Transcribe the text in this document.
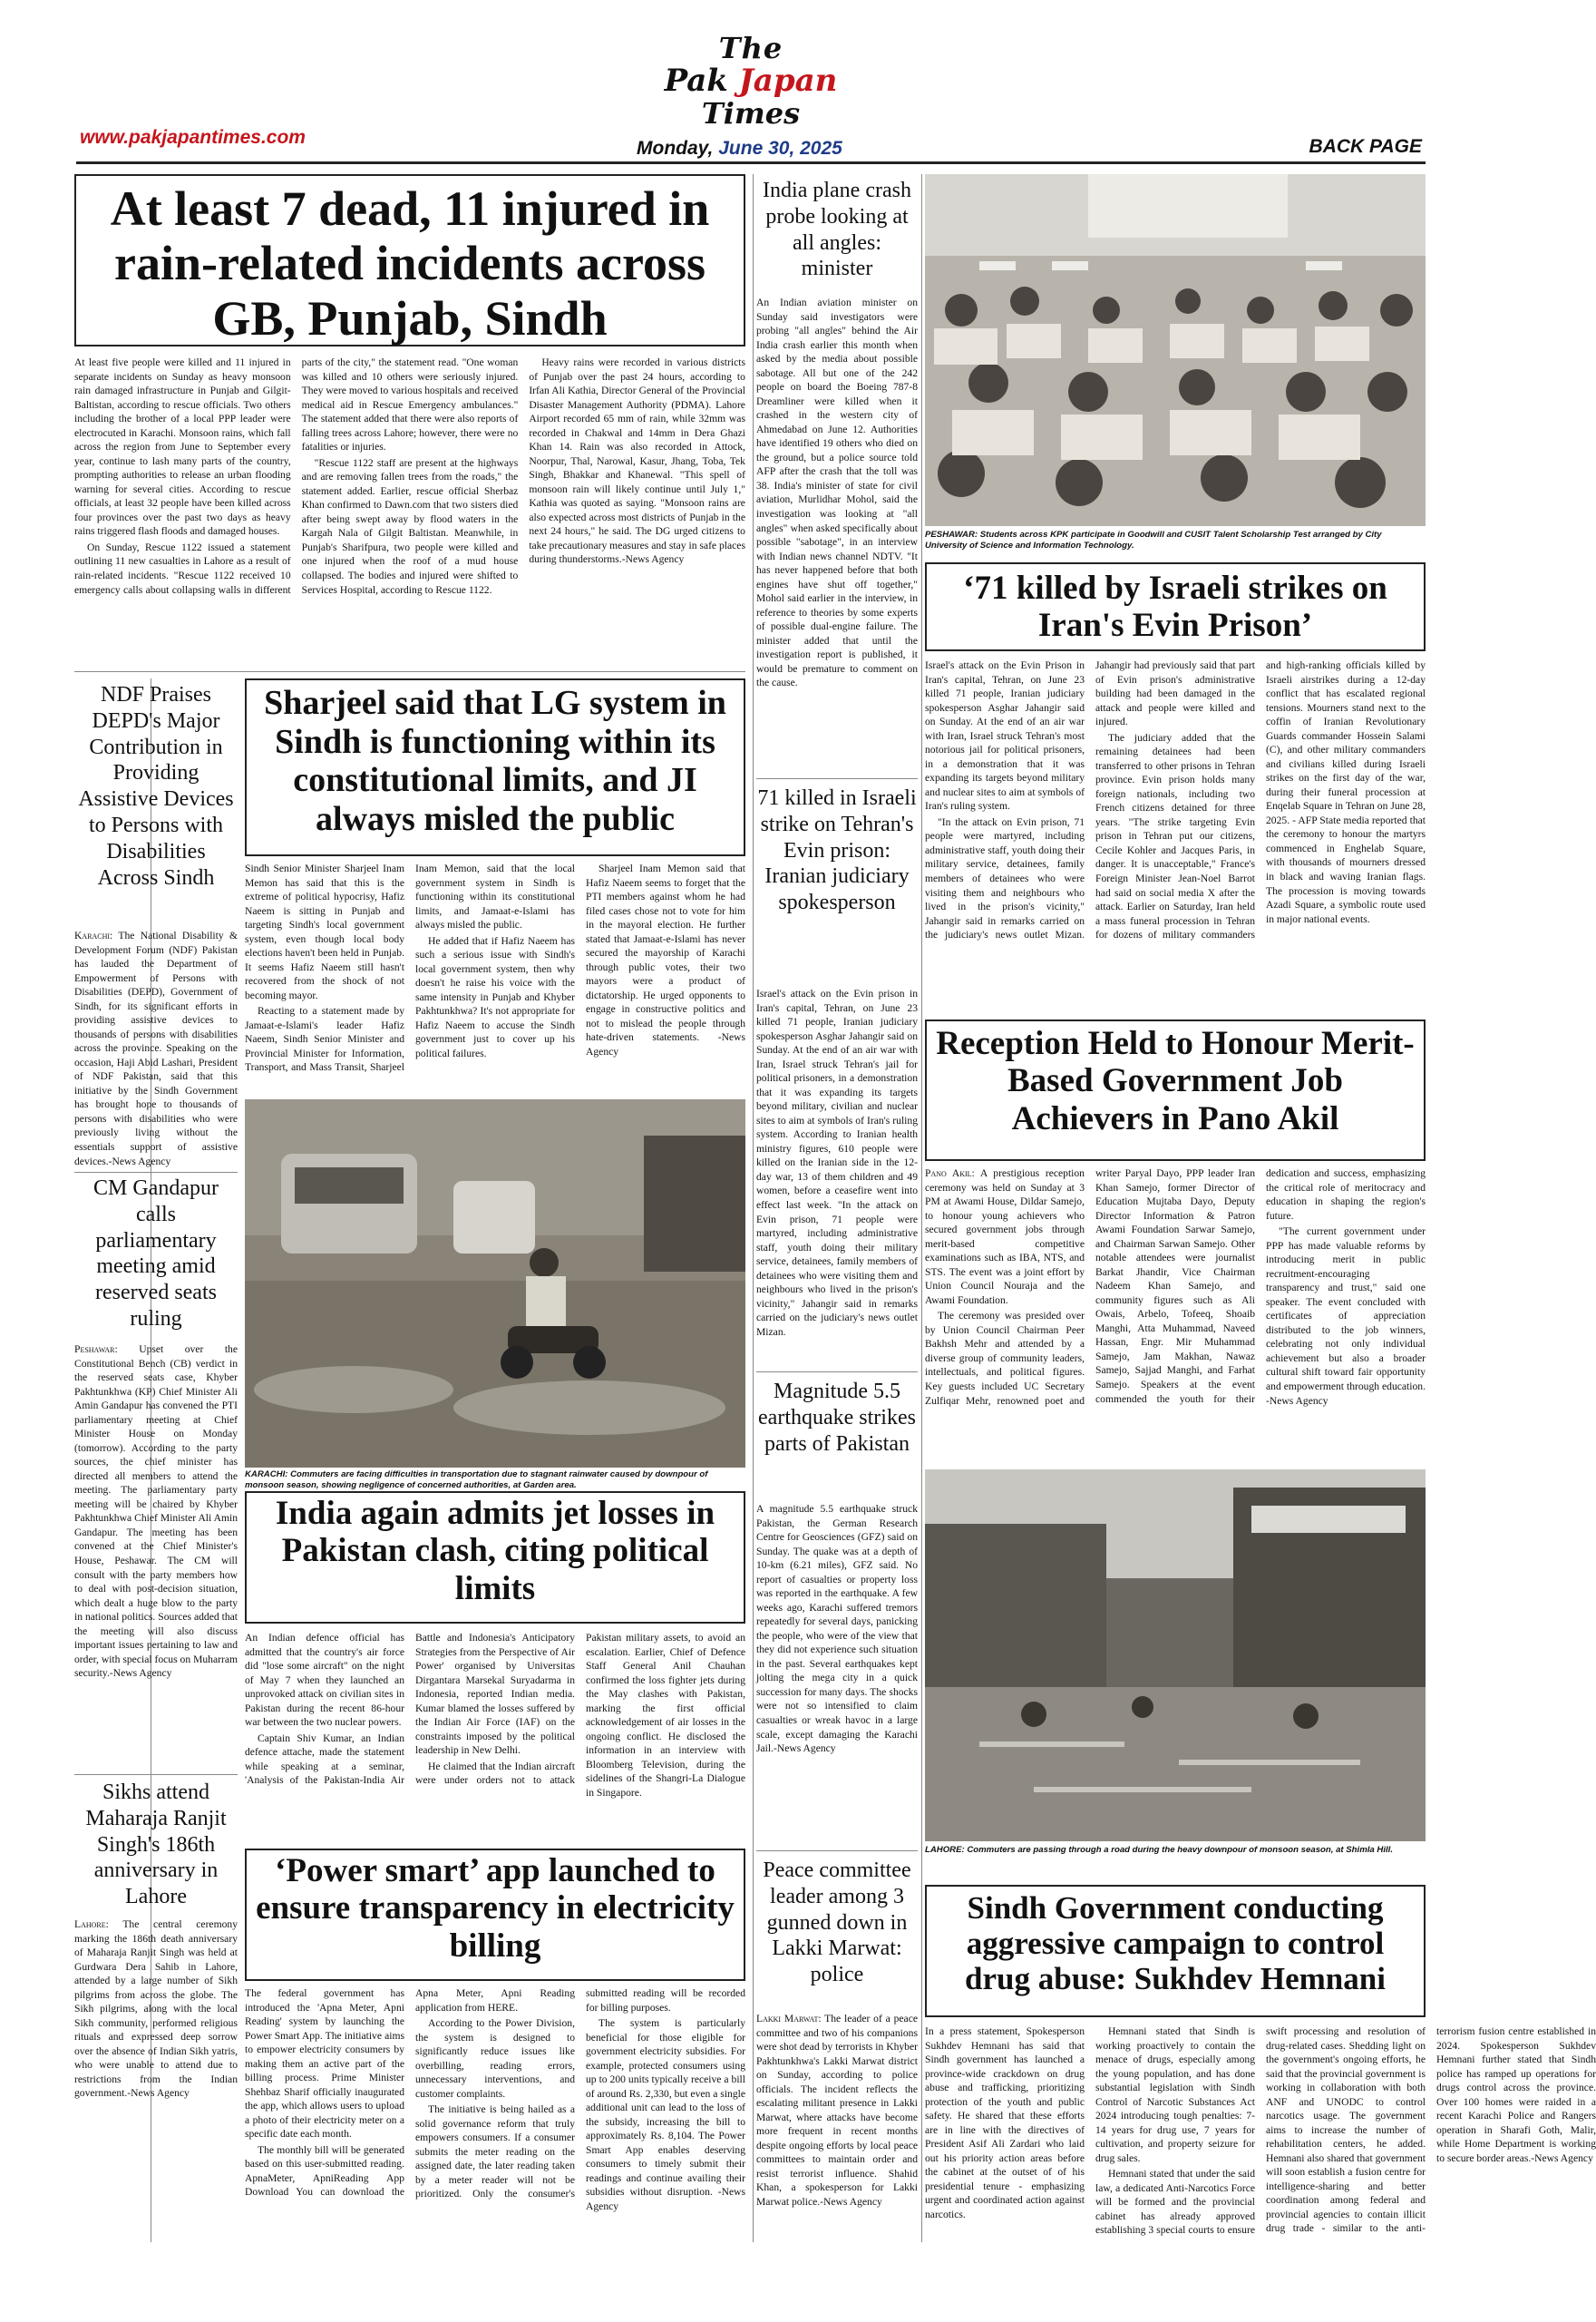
The
Pak Japan
Times
www.pakjapantimes.com
Monday, June 30, 2025	BACK PAGE
At least 7 dead, 11 injured in rain-related incidents across GB, Punjab, Sindh

At least five people were killed and 11 injured in separate incidents on Sunday as heavy monsoon rain damaged infrastructure in Punjab and Gilgit-Baltistan, according to rescue officials. Two others including the brother of a local PPP leader were electrocuted in Karachi. Monsoon rains, which fall across the region from June to September every year, continue to lash many parts of the country, prompting authorities to release an urban flooding warning for several cities. According to rescue officials, at least 32 people have been killed across four provinces over the past two days as heavy rains triggered flash floods and damaged houses.

On Sunday, Rescue 1122 issued a statement outlining 11 new casualties in Lahore as a result of rain-related incidents. "Rescue 1122 received 10 emergency calls about collapsing walls in different parts of the city," the statement read. "One woman was killed and 10 others were seriously injured. They were moved to various hospitals and received medical aid in Rescue Emergency ambulances." The statement added that there were also reports of falling trees across Lahore; however, there were no fatalities or injuries.

"Rescue 1122 staff are present at the highways and are removing fallen trees from the roads," the statement added. Earlier, rescue official Sherbaz Khan confirmed to Dawn.com that two sisters died after being swept away by flood waters in the Kargah Nala of Gilgit Baltistan. Meanwhile, in Punjab's Sharifpura, two people were killed and one injured when the roof of a mud house collapsed. The bodies and injured were shifted to Services Hospital, according to Rescue 1122.

Heavy rains were recorded in various districts of Punjab over the past 24 hours, according to Irfan Ali Kathia, Director General of the Provincial Disaster Management Authority (PDMA). Lahore Airport recorded 65 mm of rain, while 32mm was recorded in Chakwal and 14mm in Dera Ghazi Khan 14. Rain was also recorded in Attock, Noorpur, Thal, Narowal, Kasur, Jhang, Toba, Tek Singh, Bhakkar and Khanewal. "This spell of monsoon rain will likely continue until July 1," Kathia was quoted as saying. "Monsoon rains are also expected across most districts of Punjab in the next 24 hours," he said. The DG urged citizens to take precautionary measures and stay in safe places during thunderstorms.-News Agency

India plane crash probe looking at all angles: minister

An Indian aviation minister on Sunday said investigators were probing "all angles" behind the Air India crash earlier this month when asked by the media about possible sabotage. All but one of the 242 people on board the Boeing 787-8 Dreamliner were killed when it crashed in the western city of Ahmedabad on June 12. Authorities have identified 19 others who died on the ground, but a police source told AFP after the crash that the toll was 38. India's minister of state for civil aviation, Murlidhar Mohol, said the investigation was looking at "all angles" when asked specifically about possible "sabotage", in an interview with Indian news channel NDTV. "It has never happened before that both engines have shut off together," Mohol said earlier in the interview, in reference to theories by some experts of possible dual-engine failure. The minister added that until the investigation report is published, it would be premature to comment on the cause.

PESHAWAR: Students across KPK participate in Goodwill and CUSIT Talent Scholarship Test arranged by City University of Science and Information Technology.
‘71 killed by Israeli strikes on Iran's Evin Prison’

Israel's attack on the Evin Prison in Iran's capital, Tehran, on June 23 killed 71 people, Iranian judiciary spokesperson Asghar Jahangir said on Sunday. At the end of an air war with Iran, Israel struck Tehran's most notorious jail for political prisoners, in a demonstration that it was expanding its targets beyond military and nuclear sites to aim at symbols of Iran's ruling system.

"In the attack on Evin prison, 71 people were martyred, including administrative staff, youth doing their military service, detainees, family members of detainees who were visiting them and neighbours who lived in the prison's vicinity," Jahangir said in remarks carried on the judiciary's news outlet Mizan. Jahangir had previously said that part of Evin prison's administrative building had been damaged in the attack and people were killed and injured.

The judiciary added that the remaining detainees had been transferred to other prisons in Tehran province. Evin prison holds many foreign nationals, including two French citizens detained for three years. "The strike targeting Evin prison in Tehran put our citizens, Cecile Kohler and Jacques Paris, in danger. It is unacceptable," France's Foreign Minister Jean-Noel Barrot had said on social media X after the attack. Earlier on Saturday, Iran held a mass funeral procession in Tehran for dozens of military commanders and high-ranking officials killed by Israeli airstrikes during a 12-day conflict that has escalated regional tensions. Mourners stand next to the coffin of Iranian Revolutionary Guards commander Hossein Salami (C), and other military commanders and civilians killed during Israeli strikes on the first day of the war, during their funeral procession at Enqelab Square in Tehran on June 28, 2025. - AFP State media reported that the ceremony to honour the martyrs commenced in Enghelab Square, with thousands of mourners dressed in black and waving Iranian flags. The procession is moving towards Azadi Square, a symbolic route used in major national events.

NDF Praises DEPD's Major Contribution in Providing Assistive Devices to Persons with Disabilities Across Sindh

Karachi: The National Disability & Development Forum (NDF) Pakistan has lauded the Department of Empowerment of Persons with Disabilities (DEPD), Government of Sindh, for its significant efforts in providing assistive devices to thousands of persons with disabilities across the province. Speaking on the occasion, Haji Abid Lashari, President of NDF Pakistan, said that this initiative by the Sindh Government has brought hope to thousands of persons with disabilities who were previously living without the essentials support of assistive devices.-News Agency

Sharjeel said that LG system in Sindh is functioning within its constitutional limits, and JI always misled the public

Sindh Senior Minister Sharjeel Inam Memon has said that this is the extreme of political hypocrisy, Hafiz Naeem is sitting in Punjab and targeting Sindh's local government system, even though local body elections haven't been held in Punjab. It seems Hafiz Naeem still hasn't recovered from the shock of not becoming mayor.

Reacting to a statement made by Jamaat-e-Islami's leader Hafiz Naeem, Sindh Senior Minister and Provincial Minister for Information, Transport, and Mass Transit, Sharjeel Inam Memon, said that the local government system in Sindh is functioning within its constitutional limits, and Jamaat-e-Islami has always misled the public.

He added that if Hafiz Naeem has such a serious issue with Sindh's local government system, then why doesn't he raise his voice with the same intensity in Punjab and Khyber Pakhtunkhwa? It's not appropriate for Hafiz Naeem to accuse the Sindh government just to cover up his political failures.

Sharjeel Inam Memon said that Hafiz Naeem seems to forget that the PTI members against whom he had filed cases chose not to vote for him in the mayoral election. He further stated that Jamaat-e-Islami has never secured the mayorship of Karachi through public votes, their two mayors were a product of dictatorship. He urged opponents to engage in constructive politics and not to mislead the people through hate-driven statements. -News Agency

71 killed in Israeli strike on Tehran's Evin prison: Iranian judiciary spokesperson

Israel's attack on the Evin prison in Iran's capital, Tehran, on June 23 killed 71 people, Iranian judiciary spokesperson Asghar Jahangir said on Sunday. At the end of an air war with Iran, Israel struck Tehran's jail for political prisoners, in a demonstration that it was expanding its targets beyond military, civilian and nuclear sites to aim at symbols of Iran's ruling system. According to Iranian health ministry figures, 610 people were killed on the Iranian side in the 12-day war, 13 of them children and 49 women, before a ceasefire went into effect last week. "In the attack on Evin prison, 71 people were martyred, including administrative staff, youth doing their military service, detainees, family members of detainees who were visiting them and neighbours who lived in the prison's vicinity," Jahangir said in remarks carried on the judiciary's news outlet Mizan.

Reception Held to Honour Merit-Based Government Job Achievers in Pano Akil

Pano Akil: A prestigious reception ceremony was held on Sunday at 3 PM at Awami House, Dildar Samejo, to honour young achievers who secured government jobs through merit-based competitive examinations such as IBA, NTS, and STS. The event was a joint effort by Union Council Nouraja and the Awami Foundation.

The ceremony was presided over by Union Council Chairman Peer Bakhsh Mehr and attended by a diverse group of community leaders, intellectuals, and political figures. Key guests included UC Secretary Zulfiqar Mehr, renowned poet and writer Paryal Dayo, PPP leader Iran Khan Samejo, former Director of Education Mujtaba Dayo, Deputy Director Information & Patron Awami Foundation Sarwar Samejo, and Chairman Sarwan Samejo. Other notable attendees were journalist Barkat Jhandir, Vice Chairman Nadeem Khan Samejo, and community figures such as Ali Owais, Arbelo, Tofeeq, Shoaib Manghi, Atta Muhammad, Naveed Hassan, Engr. Mir Muhammad Samejo, Jam Makhan, Nawaz Samejo, Sajjad Manghi, and Farhat Samejo. Speakers at the event commended the youth for their dedication and success, emphasizing the critical role of meritocracy and education in shaping the region's future.

"The current government under PPP has made valuable reforms by introducing merit in public recruitment-encouraging transparency and trust," said one speaker. The event concluded with certificates of appreciation distributed to the job winners, celebrating not only individual achievement but also a broader cultural shift toward fair opportunity and empowerment through education. -News Agency

KARACHI: Commuters are facing difficulties in transportation due to stagnant rainwater caused by downpour of monsoon season, showing negligence of concerned authorities, at Garden area.
CM Gandapur calls parliamentary meeting amid reserved seats ruling

Peshawar: Upset over the Constitutional Bench (CB) verdict in the reserved seats case, Khyber Pakhtunkhwa (KP) Chief Minister Ali Amin Gandapur has convened the PTI parliamentary meeting at Chief Minister House on Monday (tomorrow). According to the party sources, the chief minister has directed all members to attend the meeting. The parliamentary party meeting will be chaired by Khyber Pakhtunkhwa Chief Minister Ali Amin Gandapur. The meeting has been convened at the Chief Minister's House, Peshawar. The CM will consult with the party members how to deal with post-decision situation, which dealt a huge blow to the party in national politics. Sources added that the meeting will also discuss important issues pertaining to law and order, with special focus on Muharram security.-News Agency

Magnitude 5.5 earthquake strikes parts of Pakistan

A magnitude 5.5 earthquake struck Pakistan, the German Research Centre for Geosciences (GFZ) said on Sunday. The quake was at a depth of 10-km (6.21 miles), GFZ said. No report of casualties or property loss was reported in the earthquake. A few weeks ago, Karachi suffered tremors repeatedly for several days, panicking the people, who were of the view that they did not experience such situation in the past. Several earthquakes kept jolting the mega city in a quick succession for many days. The shocks were not so intensified to claim casualties or wreak havoc in a large scale, except damaging the Karachi Jail.-News Agency

LAHORE: Commuters are passing through a road during the heavy downpour of monsoon season, at Shimla Hill.
India again admits jet losses in Pakistan clash, citing political limits

An Indian defence official has admitted that the country's air force did "lose some aircraft" on the night of May 7 when they launched an unprovoked attack on civilian sites in Pakistan during the recent 86-hour war between the two nuclear powers.

Captain Shiv Kumar, an Indian defence attache, made the statement while speaking at a seminar, 'Analysis of the Pakistan-India Air Battle and Indonesia's Anticipatory Strategies from the Perspective of Air Power' organised by Universitas Dirgantara Marsekal Suryadarma in Indonesia, reported Indian media. Kumar blamed the losses suffered by the Indian Air Force (IAF) on the constraints imposed by the political leadership in New Delhi.

He claimed that the Indian aircraft were under orders not to attack Pakistan military assets, to avoid an escalation. Earlier, Chief of Defence Staff General Anil Chauhan confirmed the loss fighter jets during the May clashes with Pakistan, marking the first official acknowledgement of air losses in the ongoing conflict. He disclosed the information in an interview with Bloomberg Television, during the sidelines of the Shangri-La Dialogue in Singapore.

Sikhs attend Maharaja Ranjit Singh's 186th anniversary in Lahore

Lahore: The central ceremony marking the 186th death anniversary of Maharaja Ranjit Singh was held at Gurdwara Dera Sahib in Lahore, attended by a large number of Sikh pilgrims from across the globe. The Sikh pilgrims, along with the local Sikh community, performed religious rituals and expressed deep sorrow over the absence of Indian Sikh yatris, who were unable to attend due to restrictions from the Indian government.-News Agency

Sindh Government conducting aggressive campaign to control drug abuse: Sukhdev Hemnani

In a press statement, Spokesperson Sukhdev Hemnani has said that Sindh government has launched a province-wide crackdown on drug abuse and trafficking, prioritizing protection of the youth and public safety. He shared that these efforts are in line with the directives of President Asif Ali Zardari who laid out his priority action areas before the cabinet at the outset of of his presidential tenure - emphasizing urgent and coordinated action against narcotics.

Hemnani stated that Sindh is working proactively to contain the menace of drugs, especially among the young population, and has done substantial legislation with Sindh Control of Narcotic Substances Act 2024 introducing tough penalties: 7-14 years for drug use, 7 years for cultivation, and property seizure for drug sales.

Hemnani stated that under the said law, a dedicated Anti-Narcotics Force will be formed and the provincial cabinet has already approved establishing 3 special courts to ensure swift processing and resolution of drug-related cases. Shedding light on the government's ongoing efforts, he said that the provincial government is working in collaboration with both ANF and UNODC to control narcotics usage. The government aims to increase the number of rehabilitation centers, he added. Hemnani also shared that government will soon establish a fusion centre for intelligence-sharing and better coordination among federal and provincial agencies to contain illicit drug trade - similar to the anti-terrorism fusion centre established in 2024. Spokesperson Sukhdev Hemnani further stated that Sindh police has ramped up operations for drugs control across the province. Over 100 homes were raided in a recent Karachi Police and Rangers operation in Sharafi Goth, Malir, while Home Department is working to secure border areas.-News Agency

‘Power smart’ app launched to ensure transparency in electricity billing

The federal government has introduced the 'Apna Meter, Apni Reading' system by launching the Power Smart App. The initiative aims to empower electricity consumers by making them an active part of the billing process. Prime Minister Shehbaz Sharif officially inaugurated the app, which allows users to upload a photo of their electricity meter on a specific date each month.

The monthly bill will be generated based on this user-submitted reading. ApnaMeter, ApniReading App Download You can download the Apna Meter, Apni Reading application from HERE.

According to the Power Division, the system is designed to significantly reduce issues like overbilling, reading errors, unnecessary interventions, and customer complaints.

The initiative is being hailed as a solid governance reform that truly empowers consumers. If a consumer submits the meter reading on the assigned date, the later reading taken by a meter reader will not be prioritized. Only the consumer's submitted reading will be recorded for billing purposes.

The system is particularly beneficial for those eligible for government electricity subsidies. For example, protected consumers using up to 200 units typically receive a bill of around Rs. 2,330, but even a single additional unit can lead to the loss of the subsidy, increasing the bill to approximately Rs. 8,104. The Power Smart App enables deserving consumers to timely submit their readings and continue availing their subsidies without disruption. -News Agency

Peace committee leader among 3 gunned down in Lakki Marwat: police

Lakki Marwat: The leader of a peace committee and two of his companions were shot dead by terrorists in Khyber Pakhtunkhwa's Lakki Marwat district on Sunday, according to police officials. The incident reflects the escalating militant presence in Lakki Marwat, where attacks have become more frequent in recent months despite ongoing efforts by local peace committees to maintain order and resist terrorist influence. Shahid Khan, a spokesperson for Lakki Marwat police.-News Agency
